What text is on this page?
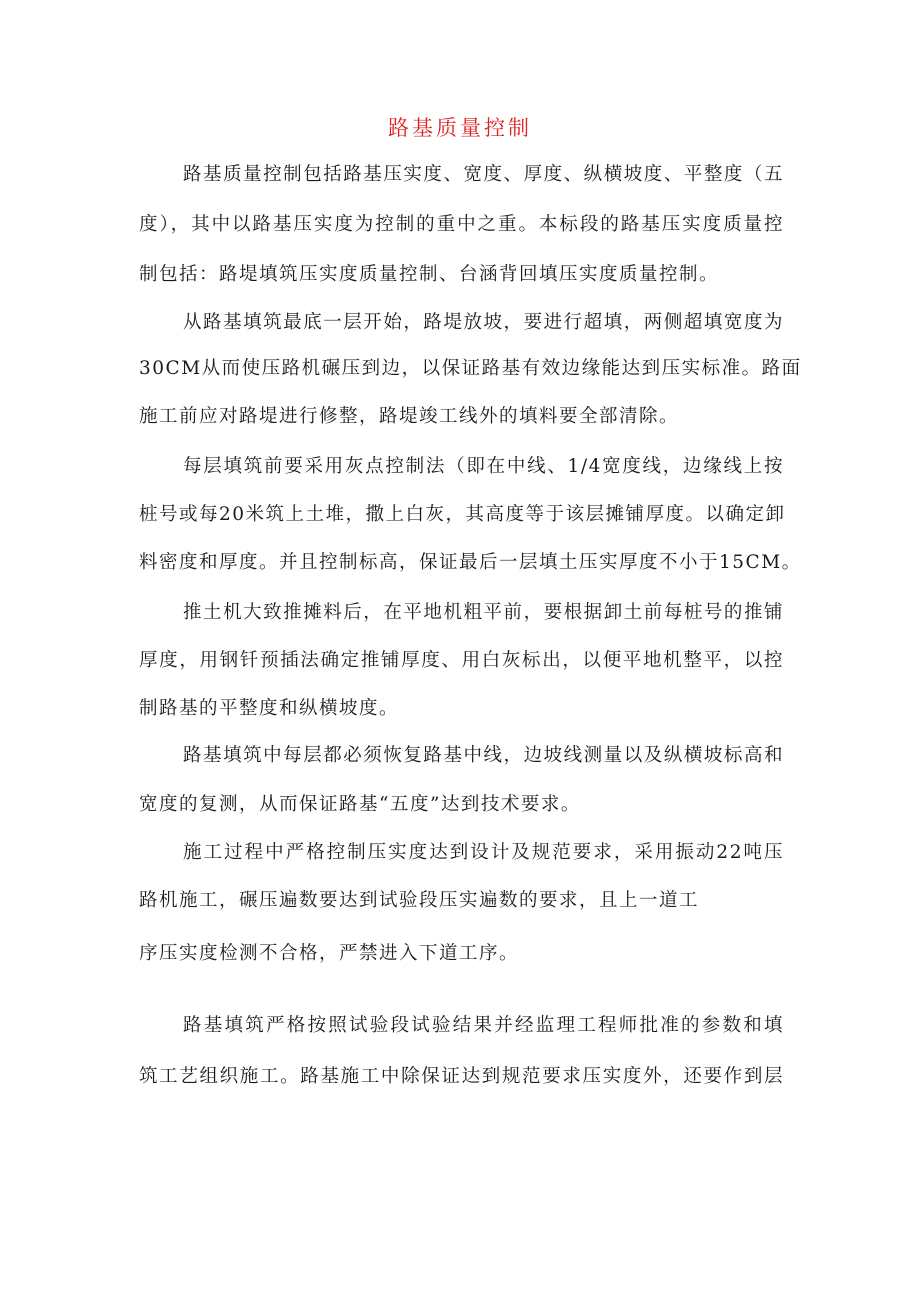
路基质量控制
路基质量控制包括路基压实度、宽度、厚度、纵横坡度、平整度（五
度），其中以路基压实度为控制的重中之重。本标段的路基压实度质量控
制包括：路堤填筑压实度质量控制、台涵背回填压实度质量控制。
从路基填筑最底一层开始，路堤放坡，要进行超填，两侧超填宽度为
30CM从而使压路机碾压到边，以保证路基有效边缘能达到压实标准。路面
施工前应对路堤进行修整，路堤竣工线外的填料要全部清除。
每层填筑前要采用灰点控制法（即在中线、1/4宽度线，边缘线上按
桩号或每20米筑上土堆，撒上白灰，其高度等于该层摊铺厚度。以确定卸
料密度和厚度。并且控制标高，保证最后一层填土压实厚度不小于15CM。
推土机大致推摊料后，在平地机粗平前，要根据卸土前每桩号的推铺
厚度，用钢钎预插法确定推铺厚度、用白灰标出，以便平地机整平，以控
制路基的平整度和纵横坡度。
路基填筑中每层都必须恢复路基中线，边坡线测量以及纵横坡标高和
宽度的复测，从而保证路基“五度”达到技术要求。
施工过程中严格控制压实度达到设计及规范要求，采用振动22吨压
路机施工，碾压遍数要达到试验段压实遍数的要求，且上一道工
序压实度检测不合格，严禁进入下道工序。
路基填筑严格按照试验段试验结果并经监理工程师批准的参数和填
筑工艺组织施工。路基施工中除保证达到规范要求压实度外，还要作到层
